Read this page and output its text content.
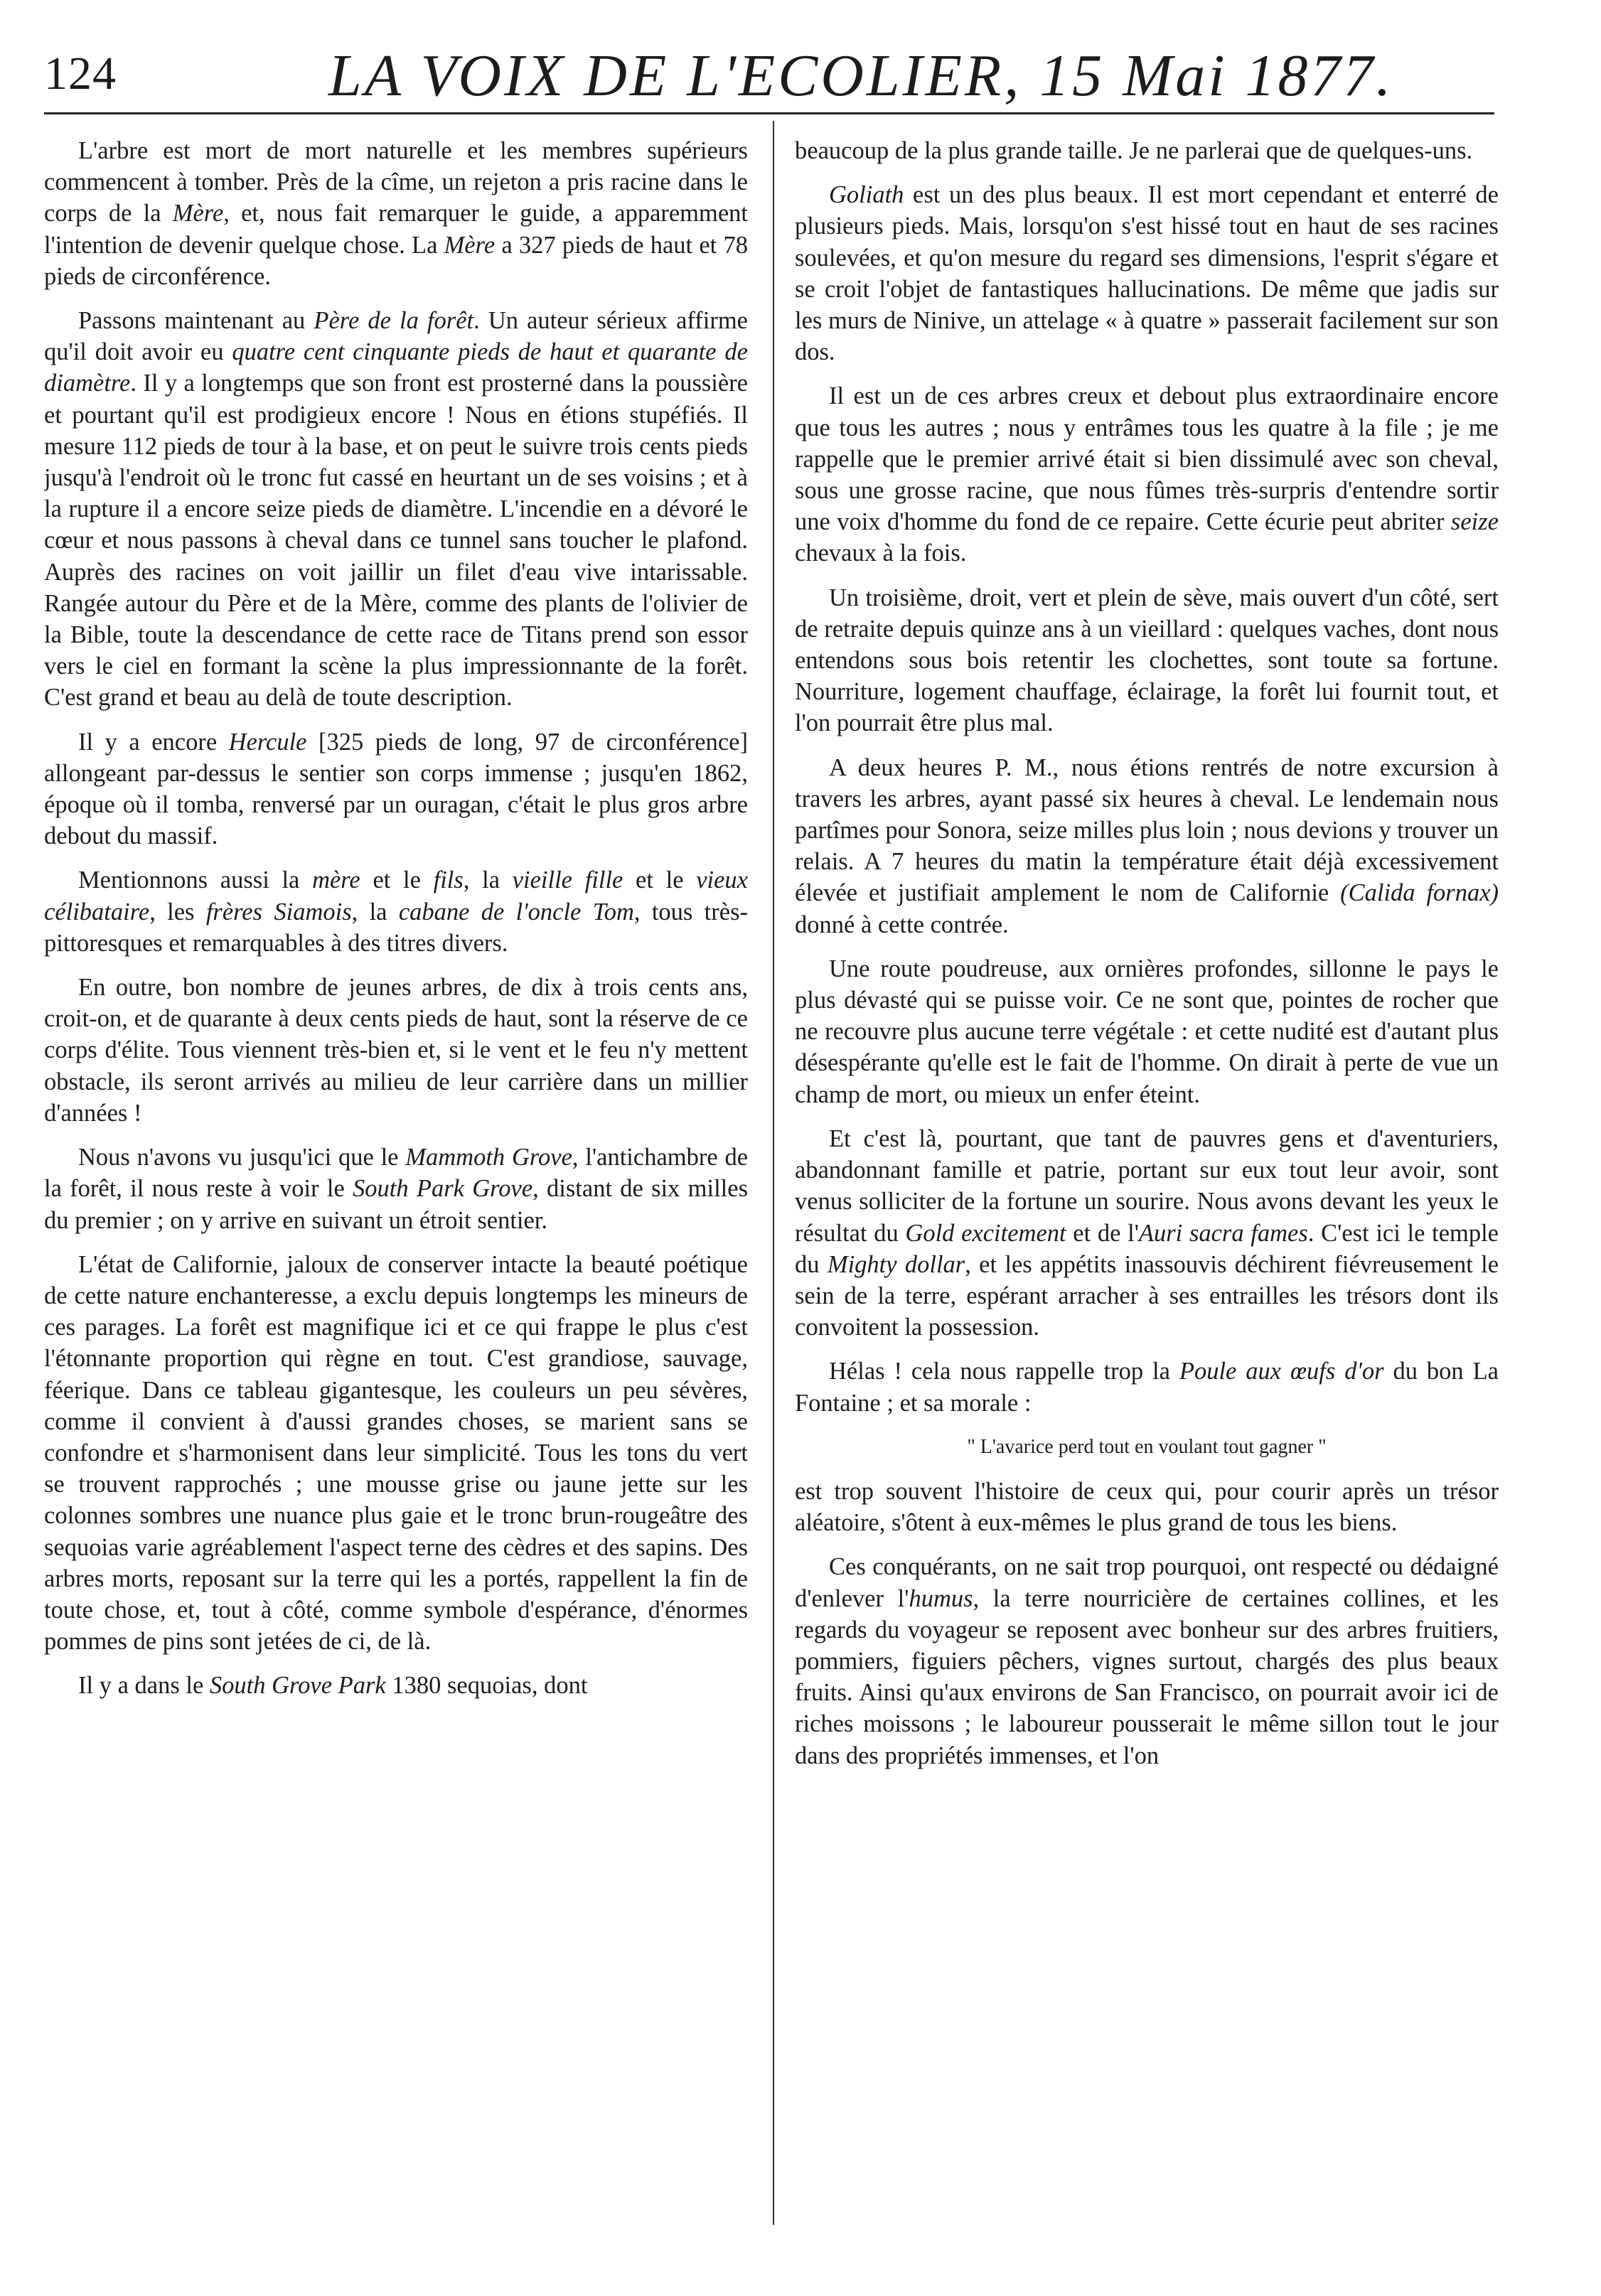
124	LA VOIX DE L'ECOLIER, 15 Mai 1877.

L'arbre est mort de mort naturelle et les membres supérieurs commencent à tomber. Près de la cîme, un rejeton a pris racine dans le corps de la Mère, et, nous fait remarquer le guide, a apparemment l'intention de devenir quelque chose. La Mère a 327 pieds de haut et 78 pieds de circonférence.

Passons maintenant au Père de la forêt. Un auteur sérieux affirme qu'il doit avoir eu quatre cent cinquante pieds de haut et quarante de diamètre. Il y a longtemps que son front est prosterné dans la poussière et pourtant qu'il est prodigieux encore ! Nous en étions stupéfiés. Il mesure 112 pieds de tour à la base, et on peut le suivre trois cents pieds jusqu'à l'endroit où le tronc fut cassé en heurtant un de ses voisins ; et à la rupture il a encore seize pieds de diamètre. L'incendie en a dévoré le cœur et nous passons à cheval dans ce tunnel sans toucher le plafond. Auprès des racines on voit jaillir un filet d'eau vive intarissable. Rangée autour du Père et de la Mère, comme des plants de l'olivier de la Bible, toute la descendance de cette race de Titans prend son essor vers le ciel en formant la scène la plus impressionnante de la forêt. C'est grand et beau au delà de toute description.

Il y a encore Hercule [325 pieds de long, 97 de circonférence] allongeant par-dessus le sentier son corps immense ; jusqu'en 1862, époque où il tomba, renversé par un ouragan, c'était le plus gros arbre debout du massif.

Mentionnons aussi la mère et le fils, la vieille fille et le vieux célibataire, les frères Siamois, la cabane de l'oncle Tom, tous très-pittoresques et remarquables à des titres divers.

En outre, bon nombre de jeunes arbres, de dix à trois cents ans, croit-on, et de quarante à deux cents pieds de haut, sont la réserve de ce corps d'élite. Tous viennent très-bien et, si le vent et le feu n'y mettent obstacle, ils seront arrivés au milieu de leur carrière dans un millier d'années !

Nous n'avons vu jusqu'ici que le Mammoth Grove, l'antichambre de la forêt, il nous reste à voir le South Park Grove, distant de six milles du premier ; on y arrive en suivant un étroit sentier.

L'état de Californie, jaloux de conserver intacte la beauté poétique de cette nature enchanteresse, a exclu depuis longtemps les mineurs de ces parages. La forêt est magnifique ici et ce qui frappe le plus c'est l'étonnante proportion qui règne en tout. C'est grandiose, sauvage, féerique. Dans ce tableau gigantesque, les couleurs un peu sévères, comme il convient à d'aussi grandes choses, se marient sans se confondre et s'harmonisent dans leur simplicité. Tous les tons du vert se trouvent rapprochés ; une mousse grise ou jaune jette sur les colonnes sombres une nuance plus gaie et le tronc brun-rougeâtre des sequoias varie agréablement l'aspect terne des cèdres et des sapins. Des arbres morts, reposant sur la terre qui les a portés, rappellent la fin de toute chose, et, tout à côté, comme symbole d'espérance, d'énormes pommes de pins sont jetées de ci, de là.

Il y a dans le South Grove Park 1380 sequoias, dont

beaucoup de la plus grande taille. Je ne parlerai que de quelques-uns.

Goliath est un des plus beaux. Il est mort cependant et enterré de plusieurs pieds. Mais, lorsqu'on s'est hissé tout en haut de ses racines soulevées, et qu'on mesure du regard ses dimensions, l'esprit s'égare et se croit l'objet de fantastiques hallucinations. De même que jadis sur les murs de Ninive, un attelage « à quatre » passerait facilement sur son dos.

Il est un de ces arbres creux et debout plus extraordinaire encore que tous les autres ; nous y entrâmes tous les quatre à la file ; je me rappelle que le premier arrivé était si bien dissimulé avec son cheval, sous une grosse racine, que nous fûmes très-surpris d'entendre sortir une voix d'homme du fond de ce repaire. Cette écurie peut abriter seize chevaux à la fois.

Un troisième, droit, vert et plein de sève, mais ouvert d'un côté, sert de retraite depuis quinze ans à un vieillard : quelques vaches, dont nous entendons sous bois retentir les clochettes, sont toute sa fortune. Nourriture, logement chauffage, éclairage, la forêt lui fournit tout, et l'on pourrait être plus mal.

A deux heures P. M., nous étions rentrés de notre excursion à travers les arbres, ayant passé six heures à cheval. Le lendemain nous partîmes pour Sonora, seize milles plus loin ; nous devions y trouver un relais. A 7 heures du matin la température était déjà excessivement élevée et justifiait amplement le nom de Californie (Calida fornax) donné à cette contrée.

Une route poudreuse, aux ornières profondes, sillonne le pays le plus dévasté qui se puisse voir. Ce ne sont que, pointes de rocher que ne recouvre plus aucune terre végétale : et cette nudité est d'autant plus désespérante qu'elle est le fait de l'homme. On dirait à perte de vue un champ de mort, ou mieux un enfer éteint.

Et c'est là, pourtant, que tant de pauvres gens et d'aventuriers, abandonnant famille et patrie, portant sur eux tout leur avoir, sont venus solliciter de la fortune un sourire. Nous avons devant les yeux le résultat du Gold excitement et de l'Auri sacra fames. C'est ici le temple du Mighty dollar, et les appétits inassouvis déchirent fiévreusement le sein de la terre, espérant arracher à ses entrailles les trésors dont ils convoitent la possession.

Hélas ! cela nous rappelle trop la Poule aux œufs d'or du bon La Fontaine ; et sa morale :

" L'avarice perd tout en voulant tout gagner "

est trop souvent l'histoire de ceux qui, pour courir après un trésor aléatoire, s'ôtent à eux-mêmes le plus grand de tous les biens.

Ces conquérants, on ne sait trop pourquoi, ont respecté ou dédaigné d'enlever l'humus, la terre nourricière de certaines collines, et les regards du voyageur se reposent avec bonheur sur des arbres fruitiers, pommiers, figuiers pêchers, vignes surtout, chargés des plus beaux fruits. Ainsi qu'aux environs de San Francisco, on pourrait avoir ici de riches moissons ; le laboureur pousserait le même sillon tout le jour dans des propriétés immenses, et l'on
